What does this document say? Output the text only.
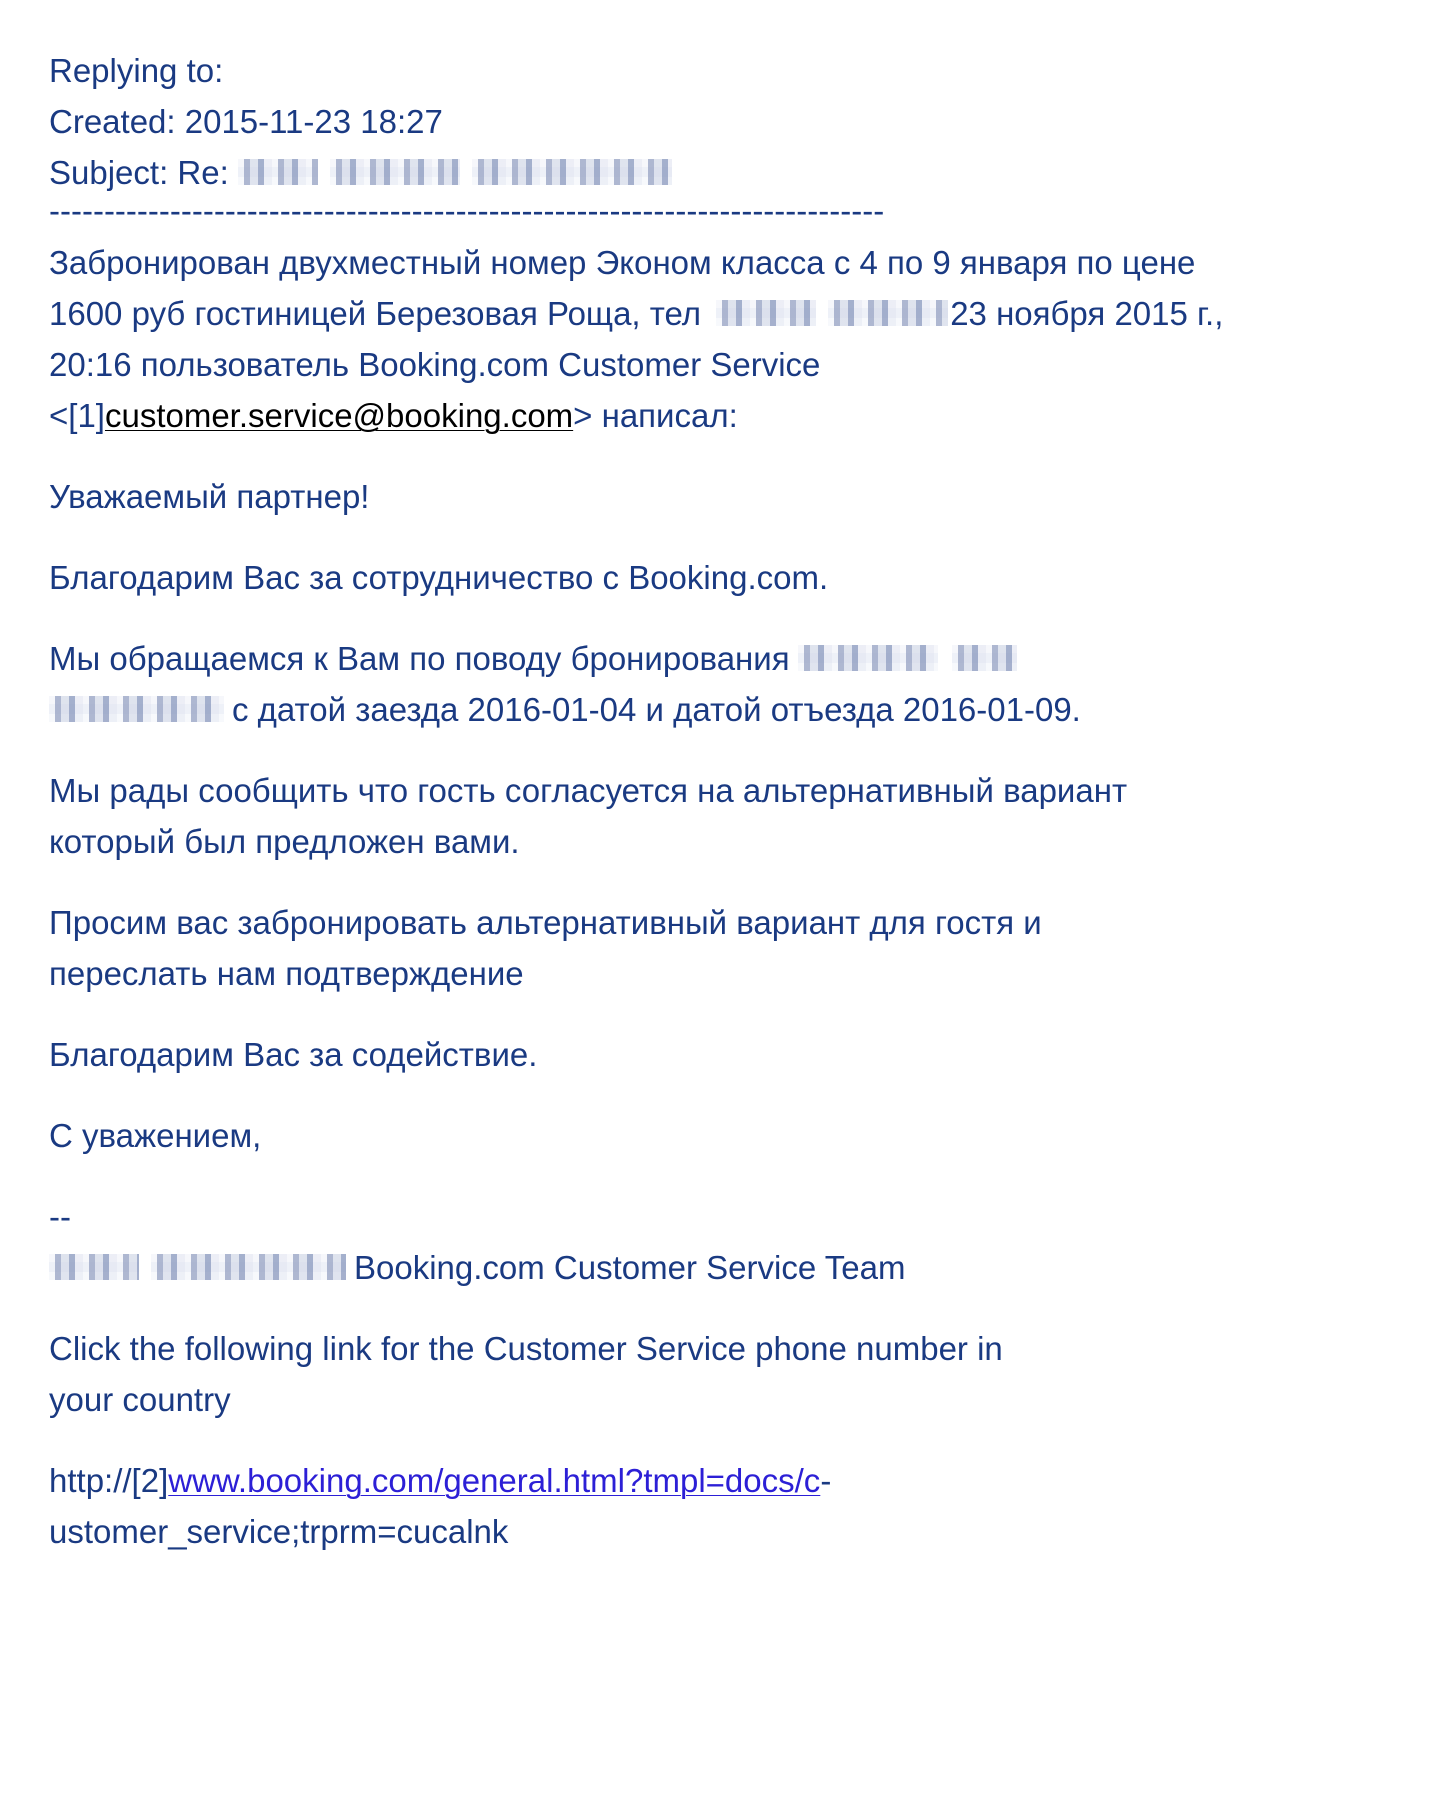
Replying to:
Created: 2015-11-23 18:27
Subject: Re:
----------------------------------------------------------------------------
Забронирован двухместный номер Эконом класса с 4 по 9 января по цене
1600 руб гостиницей Березовая Роща, тел	23 ноября 2015 г.,
20:16 пользователь Booking.com Customer Service
<[1]customer.service@booking.com> написал:
Уважаемый партнер!
Благодарим Вас за сотрудничество с Booking.com.
Мы обращаемся к Вам по поводу бронирования
с датой заезда 2016-01-04 и датой отъезда 2016-01-09.
Мы рады сообщить что гость согласуется на альтернативный вариант
который был предложен вами.
Просим вас забронировать альтернативный вариант для гостя и
переслать нам подтверждение
Благодарим Вас за содействие.
С уважением,
--
Booking.com Customer Service Team
Click the following link for the Customer Service phone number in
your country
http://[2]www.booking.com/general.html?tmpl=docs/c-
ustomer_service;trprm=cucalnk
